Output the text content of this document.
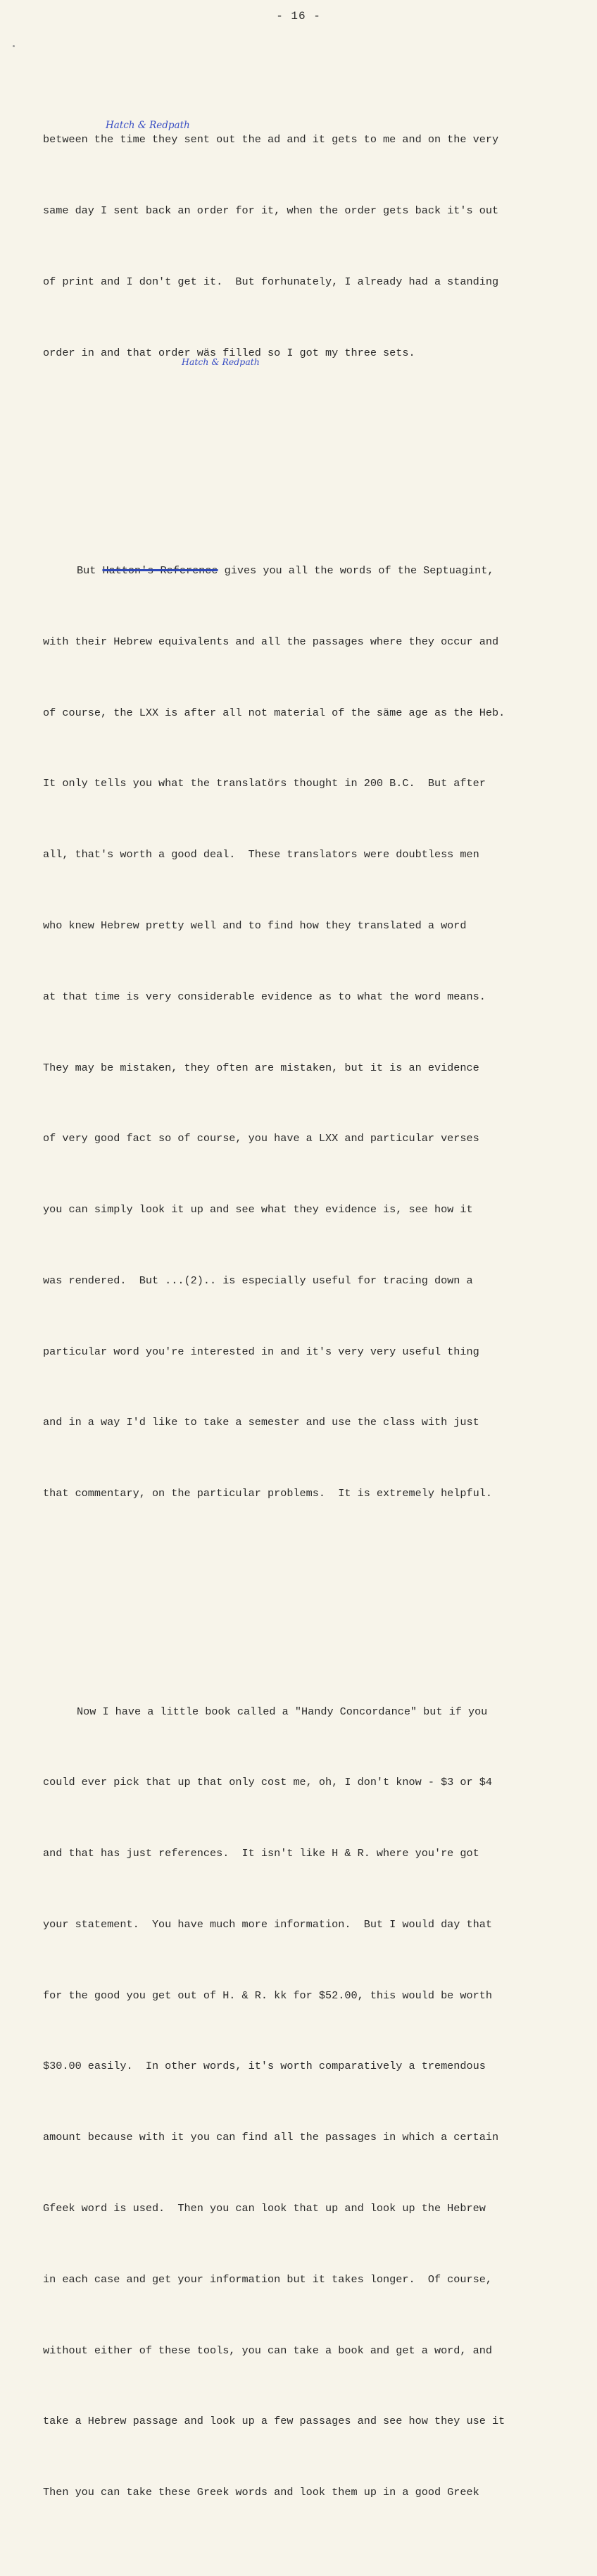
- 16 -

between the time they sent out the ad and it gets to me and on the very

same day I sent back an order for it, when the order gets back it's out

of print and I don't get it.  But forhunately, I already had a standing

order in and that order wäs filled so I got my three sets.

But Hatton's Reference gives you all the words of the Septuagint,

with their Hebrew equivalents and all the passages where they occur and

of course, the LXX is after all not material of the säme age as the Heb.

It only tells you what the translatörs thought in 200 B.C.  But after

all, that's worth a good deal.  These translators were doubtless men

who knew Hebrew pretty well and to find how they translated a word

at that time is very considerable evidence as to what the word means.

They may be mistaken, they often are mistaken, but it is an evidence

of very good fact so of course, you have a LXX and particular verses

you can simply look it up and see what they evidence is, see how it

was rendered.  But ...(2).. is especially useful for tracing down a

particular word you're interested in and it's very very useful thing

and in a way I'd like to take a semester and use the class with just

that commentary, on the particular problems.  It is extremely helpful.

Now I have a little book called a "Handy Concordance" but if you

could ever pick that up that only cost me, oh, I don't know - $3 or $4

and that has just references.  It isn't like H & R. where you're got

your statement.  You have much more information.  But I would day that

for the good you get out of H. & R. kk for $52.00, this would be worth

$30.00 easily.  In other words, it's worth comparatively a tremendous

amount because with it you can find all the passages in which a certain

Gfeek word is used.  Then you can look that up and look up the Hebrew

in each case and get your information but it takes longer.  Of course,

without either of these tools, you can take a book and get a word, and

take a Hebrew passage and look up a few passages and see how they use it

Then you can take these Greek words and look them up in a good Greek

Hatch & Redpath
Hatch & Redpath
